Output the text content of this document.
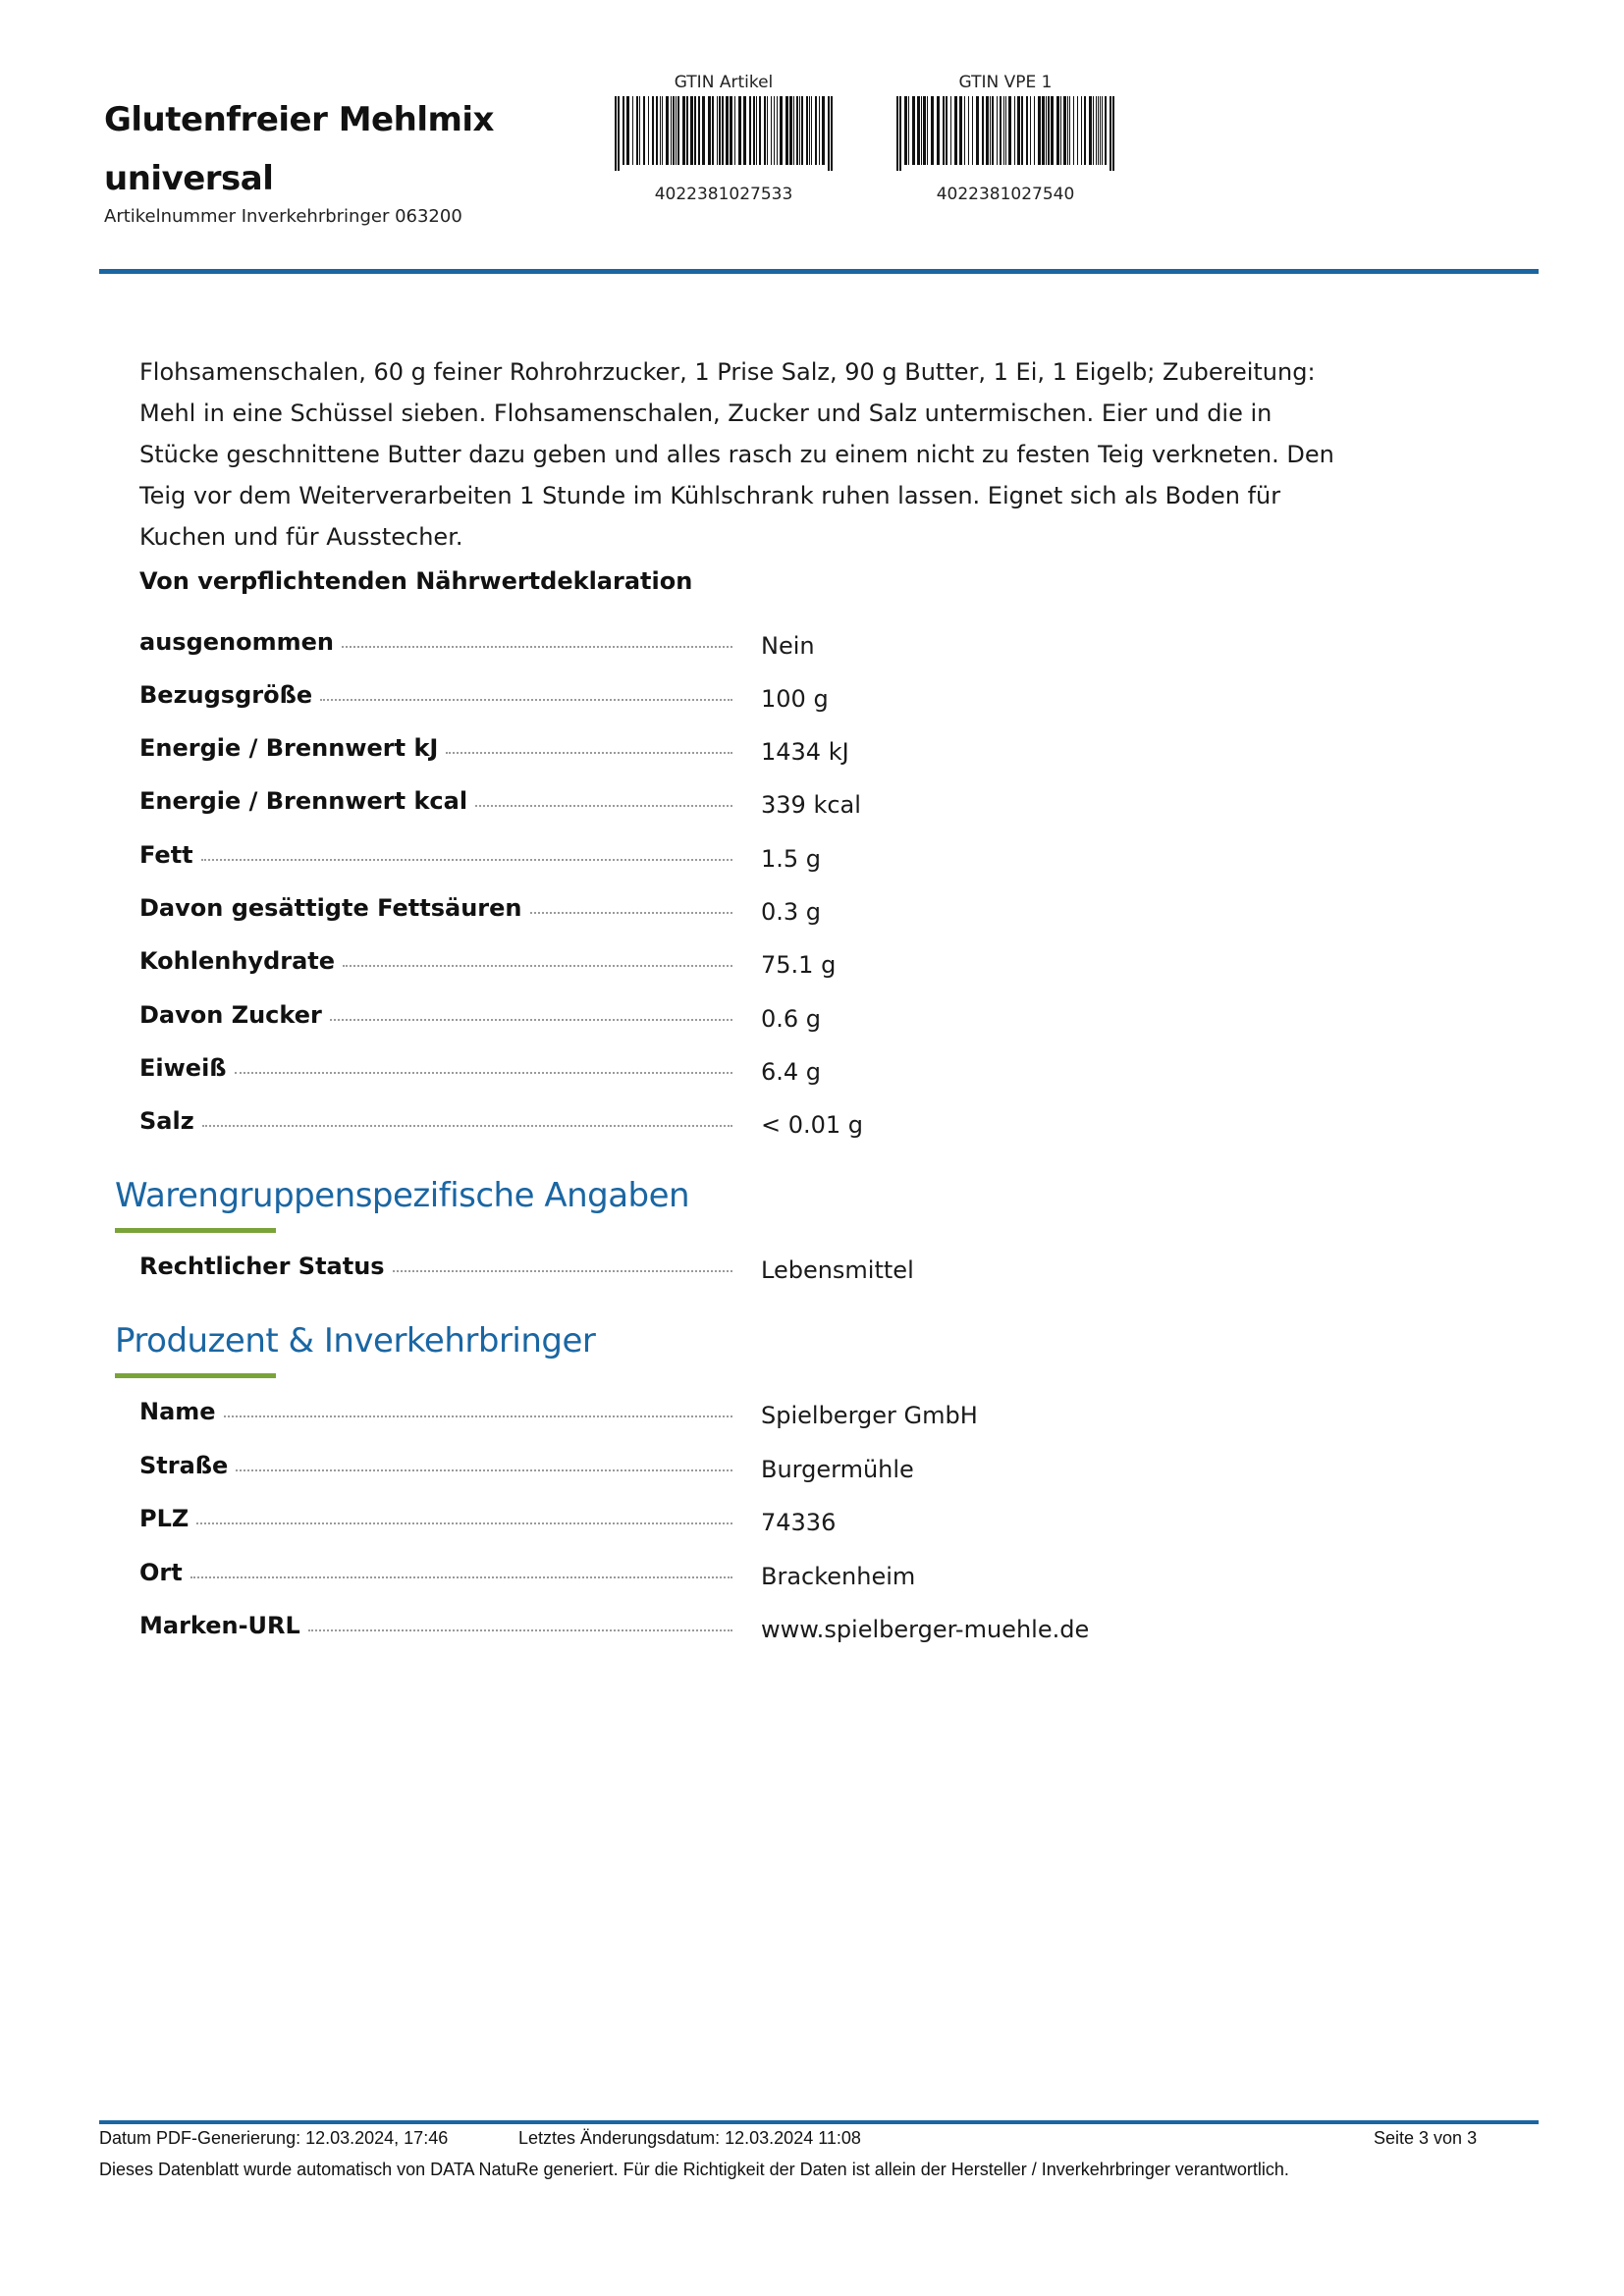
Glutenfreier Mehlmix universal
Artikelnummer Inverkehrbringer 063200
GTIN Artikel
4022381027533
GTIN VPE 1
4022381027540
Flohsamenschalen, 60 g feiner Rohrohrzucker, 1 Prise Salz, 90 g Butter, 1 Ei, 1 Eigelb; Zubereitung: Mehl in eine Schüssel sieben. Flohsamenschalen, Zucker und Salz untermischen. Eier und die in Stücke geschnittene Butter dazu geben und alles rasch zu einem nicht zu festen Teig verkneten. Den Teig vor dem Weiterverarbeiten 1 Stunde im Kühlschrank ruhen lassen. Eignet sich als Boden für Kuchen und für Ausstecher.
Von verpflichtenden Nährwertdeklaration
ausgenommen	Nein
Bezugsgröße	100 g
Energie / Brennwert kJ	1434 kJ
Energie / Brennwert kcal	339 kcal
Fett	1.5 g
Davon gesättigte Fettsäuren	0.3 g
Kohlenhydrate	75.1 g
Davon Zucker	0.6 g
Eiweiß	6.4 g
Salz	< 0.01 g
Warengruppenspezifische Angaben
Rechtlicher Status	Lebensmittel
Produzent & Inverkehrbringer
Name	Spielberger GmbH
Straße	Burgermühle
PLZ	74336
Ort	Brackenheim
Marken-URL	www.spielberger-muehle.de
Datum PDF-Generierung: 12.03.2024, 17:46	Letztes Änderungsdatum: 12.03.2024 11:08	Seite 3 von 3
Dieses Datenblatt wurde automatisch von DATA NatuRe generiert. Für die Richtigkeit der Daten ist allein der Hersteller / Inverkehrbringer verantwortlich.
